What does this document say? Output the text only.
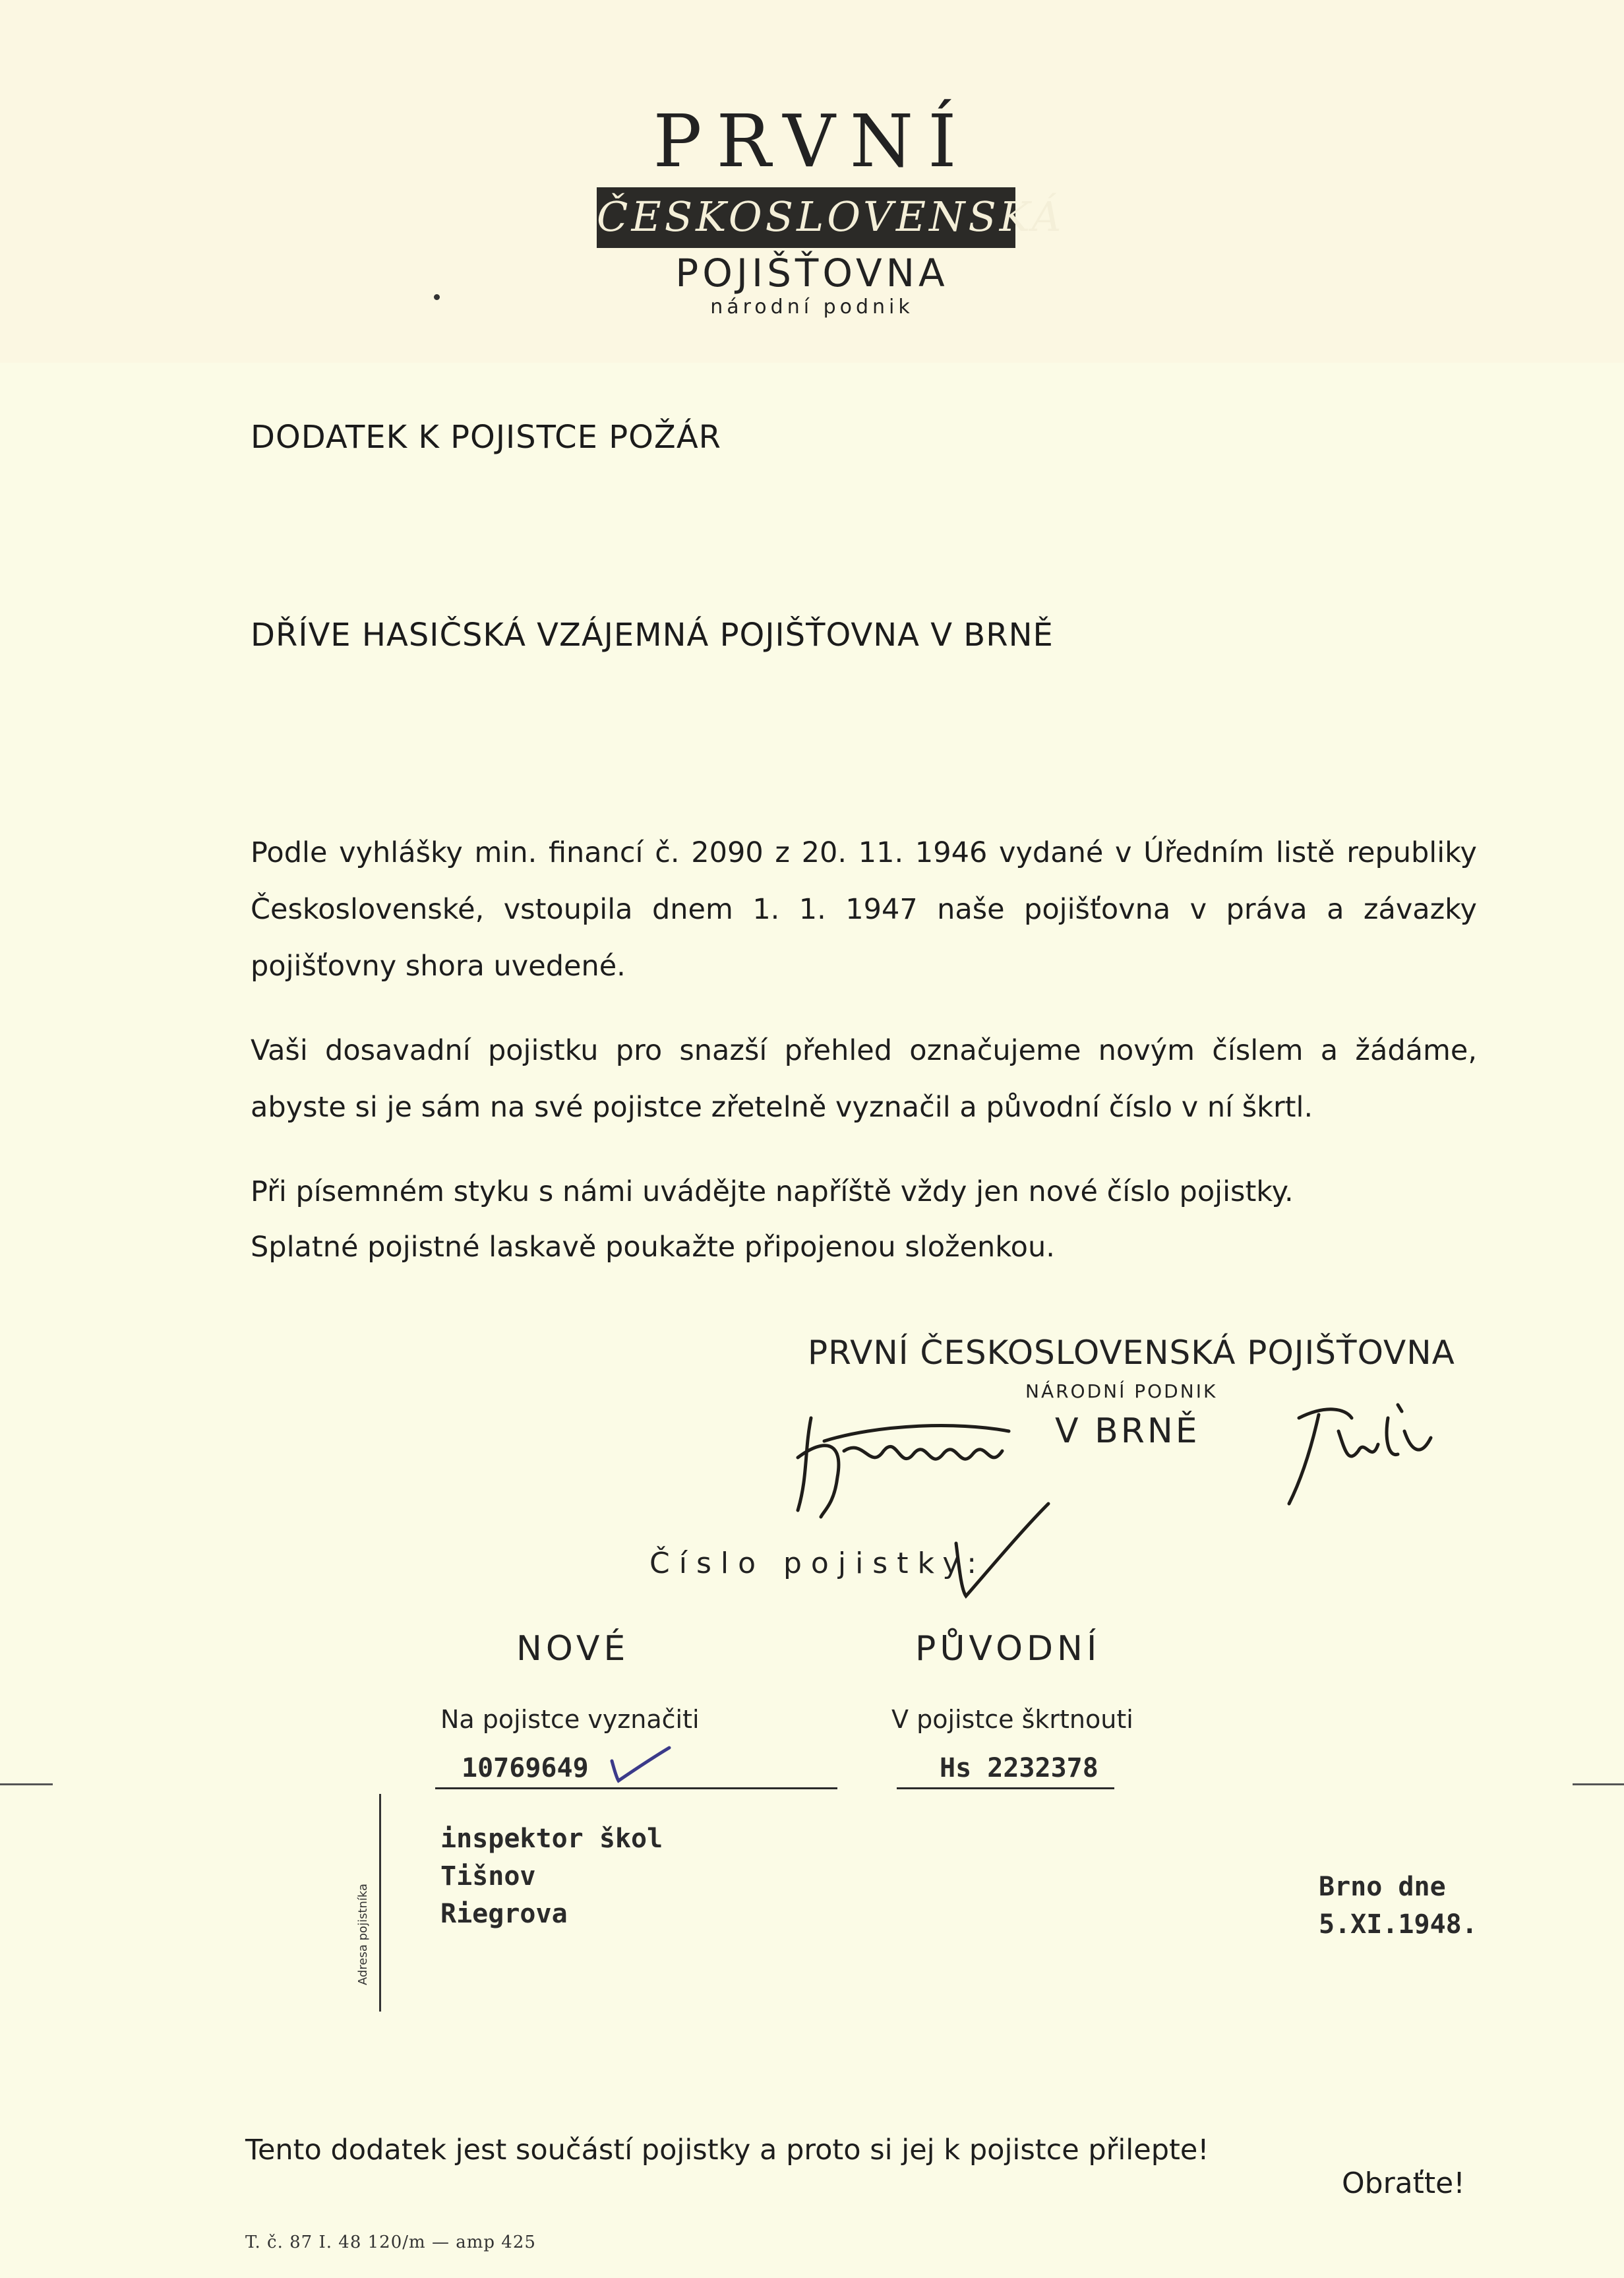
PRVNÍ
ČESKOSLOVENSKÁ
POJIŠŤOVNA
národní podnik
DODATEK K POJISTCE POŽÁR
DŘÍVE HASIČSKÁ VZÁJEMNÁ POJIŠŤOVNA V BRNĚ
Podle vyhlášky min. financí č. 2090 z 20. 11. 1946 vydané v Úředním listě republiky Československé, vstoupila dnem 1. 1. 1947 naše pojišťovna v práva a závazky pojišťovny shora uvedené.
Vaši dosavadní pojistku pro snazší přehled označujeme novým číslem a žádáme, abyste si je sám na své pojistce zřetelně vyznačil a původní číslo v ní škrtl.
Při písemném styku s námi uvádějte napříště vždy jen nové číslo pojistky.
Splatné pojistné laskavě poukažte připojenou složenkou.
PRVNÍ ČESKOSLOVENSKÁ POJIŠŤOVNA
NÁRODNÍ PODNIK
V BRNĚ
Číslo pojistky:
NOVÉ	PŮVODNÍ
Na pojistce vyznačiti	V pojistce škrtnouti
10769649	Hs 2232378
Adresa pojistníka
inspektor škol
Tišnov
Riegrova
Brno dne
5.XI.1948.
Tento dodatek jest součástí pojistky a proto si jej k pojistce přilepte!
Obraťte!
T. č. 87 I. 48 120/m — amp 425
